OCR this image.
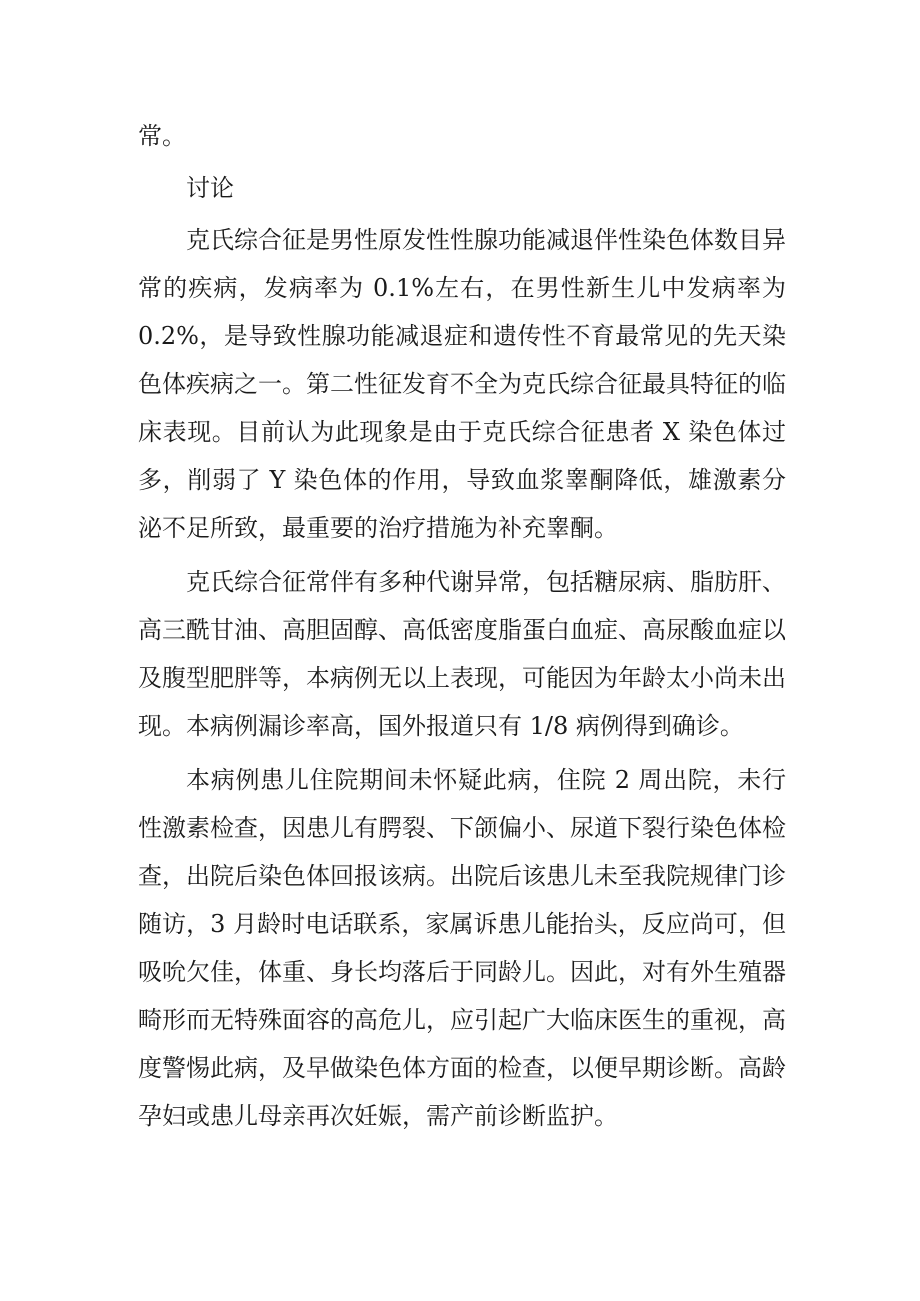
常。

讨论

克氏综合征是男性原发性性腺功能减退伴性染色体数目异常的疾病，发病率为 0.1%左右，在男性新生儿中发病率为 0.2%，是导致性腺功能减退症和遗传性不育最常见的先天染色体疾病之一。第二性征发育不全为克氏综合征最具特征的临床表现。目前认为此现象是由于克氏综合征患者 X 染色体过多，削弱了 Y 染色体的作用，导致血浆睾酮降低，雄激素分泌不足所致，最重要的治疗措施为补充睾酮。

克氏综合征常伴有多种代谢异常，包括糖尿病、脂肪肝、高三酰甘油、高胆固醇、高低密度脂蛋白血症、高尿酸血症以及腹型肥胖等，本病例无以上表现，可能因为年龄太小尚未出现。本病例漏诊率高，国外报道只有 1/8 病例得到确诊。

本病例患儿住院期间未怀疑此病，住院 2 周出院，未行性激素检查，因患儿有腭裂、下颌偏小、尿道下裂行染色体检查，出院后染色体回报该病。出院后该患儿未至我院规律门诊随访，3 月龄时电话联系，家属诉患儿能抬头，反应尚可，但吸吮欠佳，体重、身长均落后于同龄儿。因此，对有外生殖器畸形而无特殊面容的高危儿，应引起广大临床医生的重视，高度警惕此病，及早做染色体方面的检查，以便早期诊断。高龄孕妇或患儿母亲再次妊娠，需产前诊断监护。
